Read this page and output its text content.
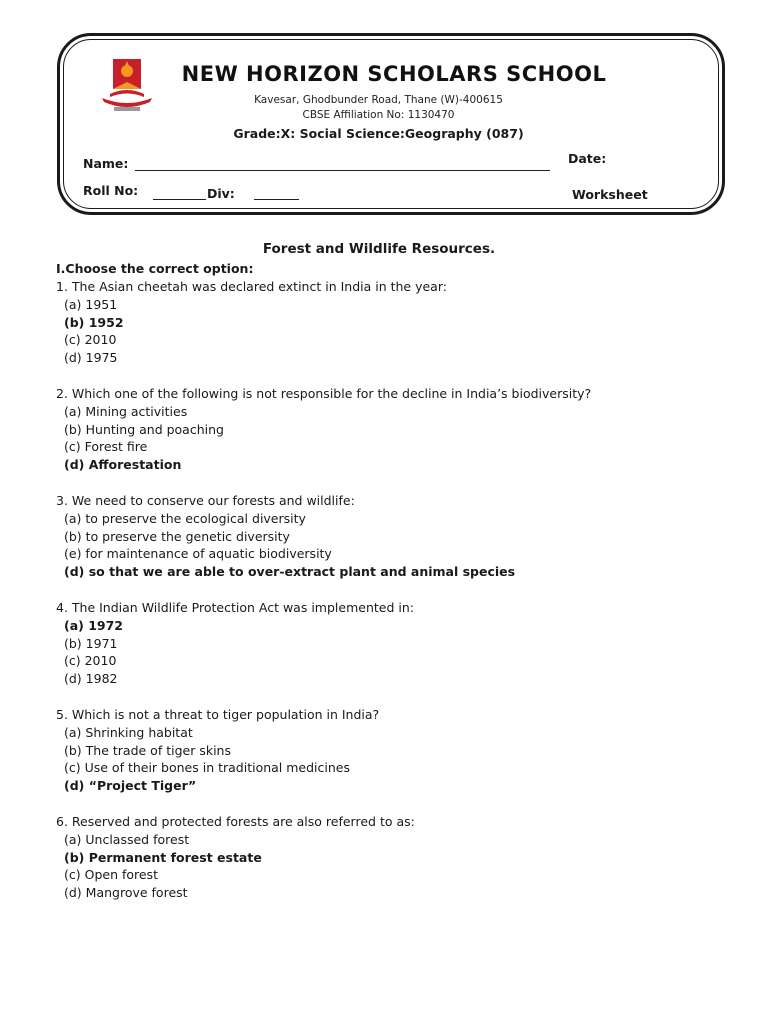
NEW HORIZON SCHOLARS SCHOOL
Kavesar, Ghodbunder Road, Thane (W)-400615
CBSE Affiliation No: 1130470
Grade:X: Social Science:Geography (087)
Name:	Date:
Roll No:	Div:	Worksheet
Forest and Wildlife Resources.
I.Choose the correct option:
1. The Asian cheetah was declared extinct in India in the year:
(a) 1951
(b) 1952
(c) 2010
(d) 1975
2. Which one of the following is not responsible for the decline in India’s biodiversity?
(a) Mining activities
(b) Hunting and poaching
(c) Forest fire
(d) Afforestation
3. We need to conserve our forests and wildlife:
(a) to preserve the ecological diversity
(b) to preserve the genetic diversity
(e) for maintenance of aquatic biodiversity
(d) so that we are able to over-extract plant and animal species
4. The Indian Wildlife Protection Act was implemented in:
(a) 1972
(b) 1971
(c) 2010
(d) 1982
5. Which is not a threat to tiger population in India?
(a) Shrinking habitat
(b) The trade of tiger skins
(c) Use of their bones in traditional medicines
(d) “Project Tiger”
6. Reserved and protected forests are also referred to as:
(a) Unclassed forest
(b) Permanent forest estate
(c) Open forest
(d) Mangrove forest
